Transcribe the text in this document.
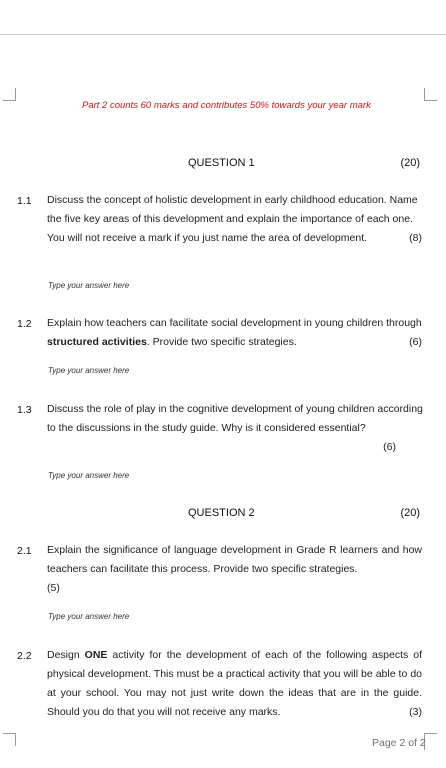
Part 2 counts 60 marks and contributes 50% towards your year mark
QUESTION 1	(20)
1.1 Discuss the concept of holistic development in early childhood education. Name the five key areas of this development and explain the importance of each one. You will not receive a mark if you just name the area of development.	(8)
Type your answer here
1.2 Explain how teachers can facilitate social development in young children through structured activities. Provide two specific strategies.	(6)
Type your answer here
1.3 Discuss the role of play in the cognitive development of young children according to the discussions in the study guide. Why is it considered essential?
(6)
Type your answer here
QUESTION 2	(20)
2.1 Explain the significance of language development in Grade R learners and how teachers can facilitate this process. Provide two specific strategies.
(5)
Type your answer here
2.2 Design ONE activity for the development of each of the following aspects of physical development. This must be a practical activity that you will be able to do at your school. You may not just write down the ideas that are in the guide. Should you do that you will not receive any marks.	(3)
Page 2 of 2
